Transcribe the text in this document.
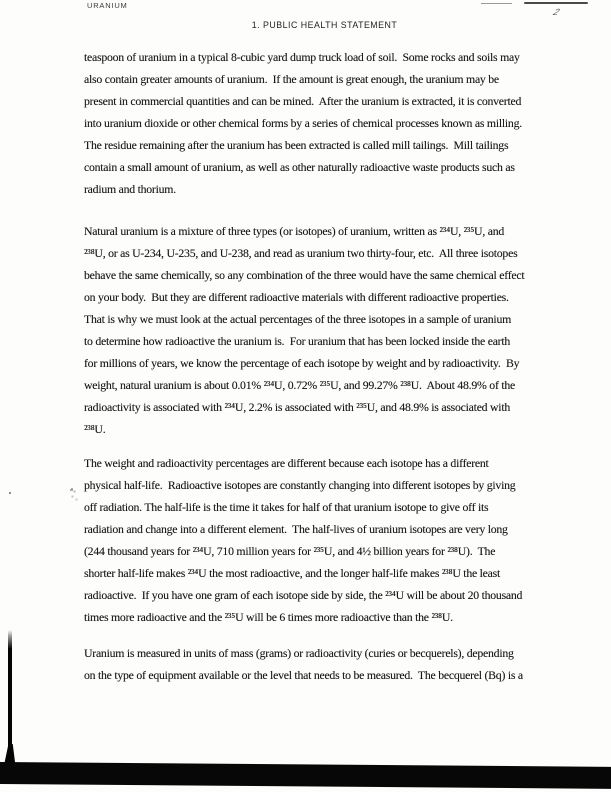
URANIUM
1. PUBLIC HEALTH STATEMENT
2
teaspoon of uranium in a typical 8-cubic yard dump truck load of soil.  Some rocks and soils may
also contain greater amounts of uranium.  If the amount is great enough, the uranium may be
present in commercial quantities and can be mined.  After the uranium is extracted, it is converted
into uranium dioxide or other chemical forms by a series of chemical processes known as milling.
The residue remaining after the uranium has been extracted is called mill tailings.  Mill tailings
contain a small amount of uranium, as well as other naturally radioactive waste products such as
radium and thorium.
Natural uranium is a mixture of three types (or isotopes) of uranium, written as ²³⁴U, ²³⁵U, and
²³⁸U, or as U-234, U-235, and U-238, and read as uranium two thirty-four, etc.  All three isotopes
behave the same chemically, so any combination of the three would have the same chemical effect
on your body.  But they are different radioactive materials with different radioactive properties.
That is why we must look at the actual percentages of the three isotopes in a sample of uranium
to determine how radioactive the uranium is.  For uranium that has been locked inside the earth
for millions of years, we know the percentage of each isotope by weight and by radioactivity.  By
weight, natural uranium is about 0.01% ²³⁴U, 0.72% ²³⁵U, and 99.27% ²³⁸U.  About 48.9% of the
radioactivity is associated with ²³⁴U, 2.2% is associated with ²³⁵U, and 48.9% is associated with
²³⁸U.
The weight and radioactivity percentages are different because each isotope has a different
physical half-life.  Radioactive isotopes are constantly changing into different isotopes by giving
off radiation. The half-life is the time it takes for half of that uranium isotope to give off its
radiation and change into a different element.  The half-lives of uranium isotopes are very long
(244 thousand years for ²³⁴U, 710 million years for ²³⁵U, and 4½ billion years for ²³⁸U).  The
shorter half-life makes ²³⁴U the most radioactive, and the longer half-life makes ²³⁸U the least
radioactive.  If you have one gram of each isotope side by side, the ²³⁴U will be about 20 thousand
times more radioactive and the ²³⁵U will be 6 times more radioactive than the ²³⁸U.
Uranium is measured in units of mass (grams) or radioactivity (curies or becquerels), depending
on the type of equipment available or the level that needs to be measured.  The becquerel (Bq) is a
